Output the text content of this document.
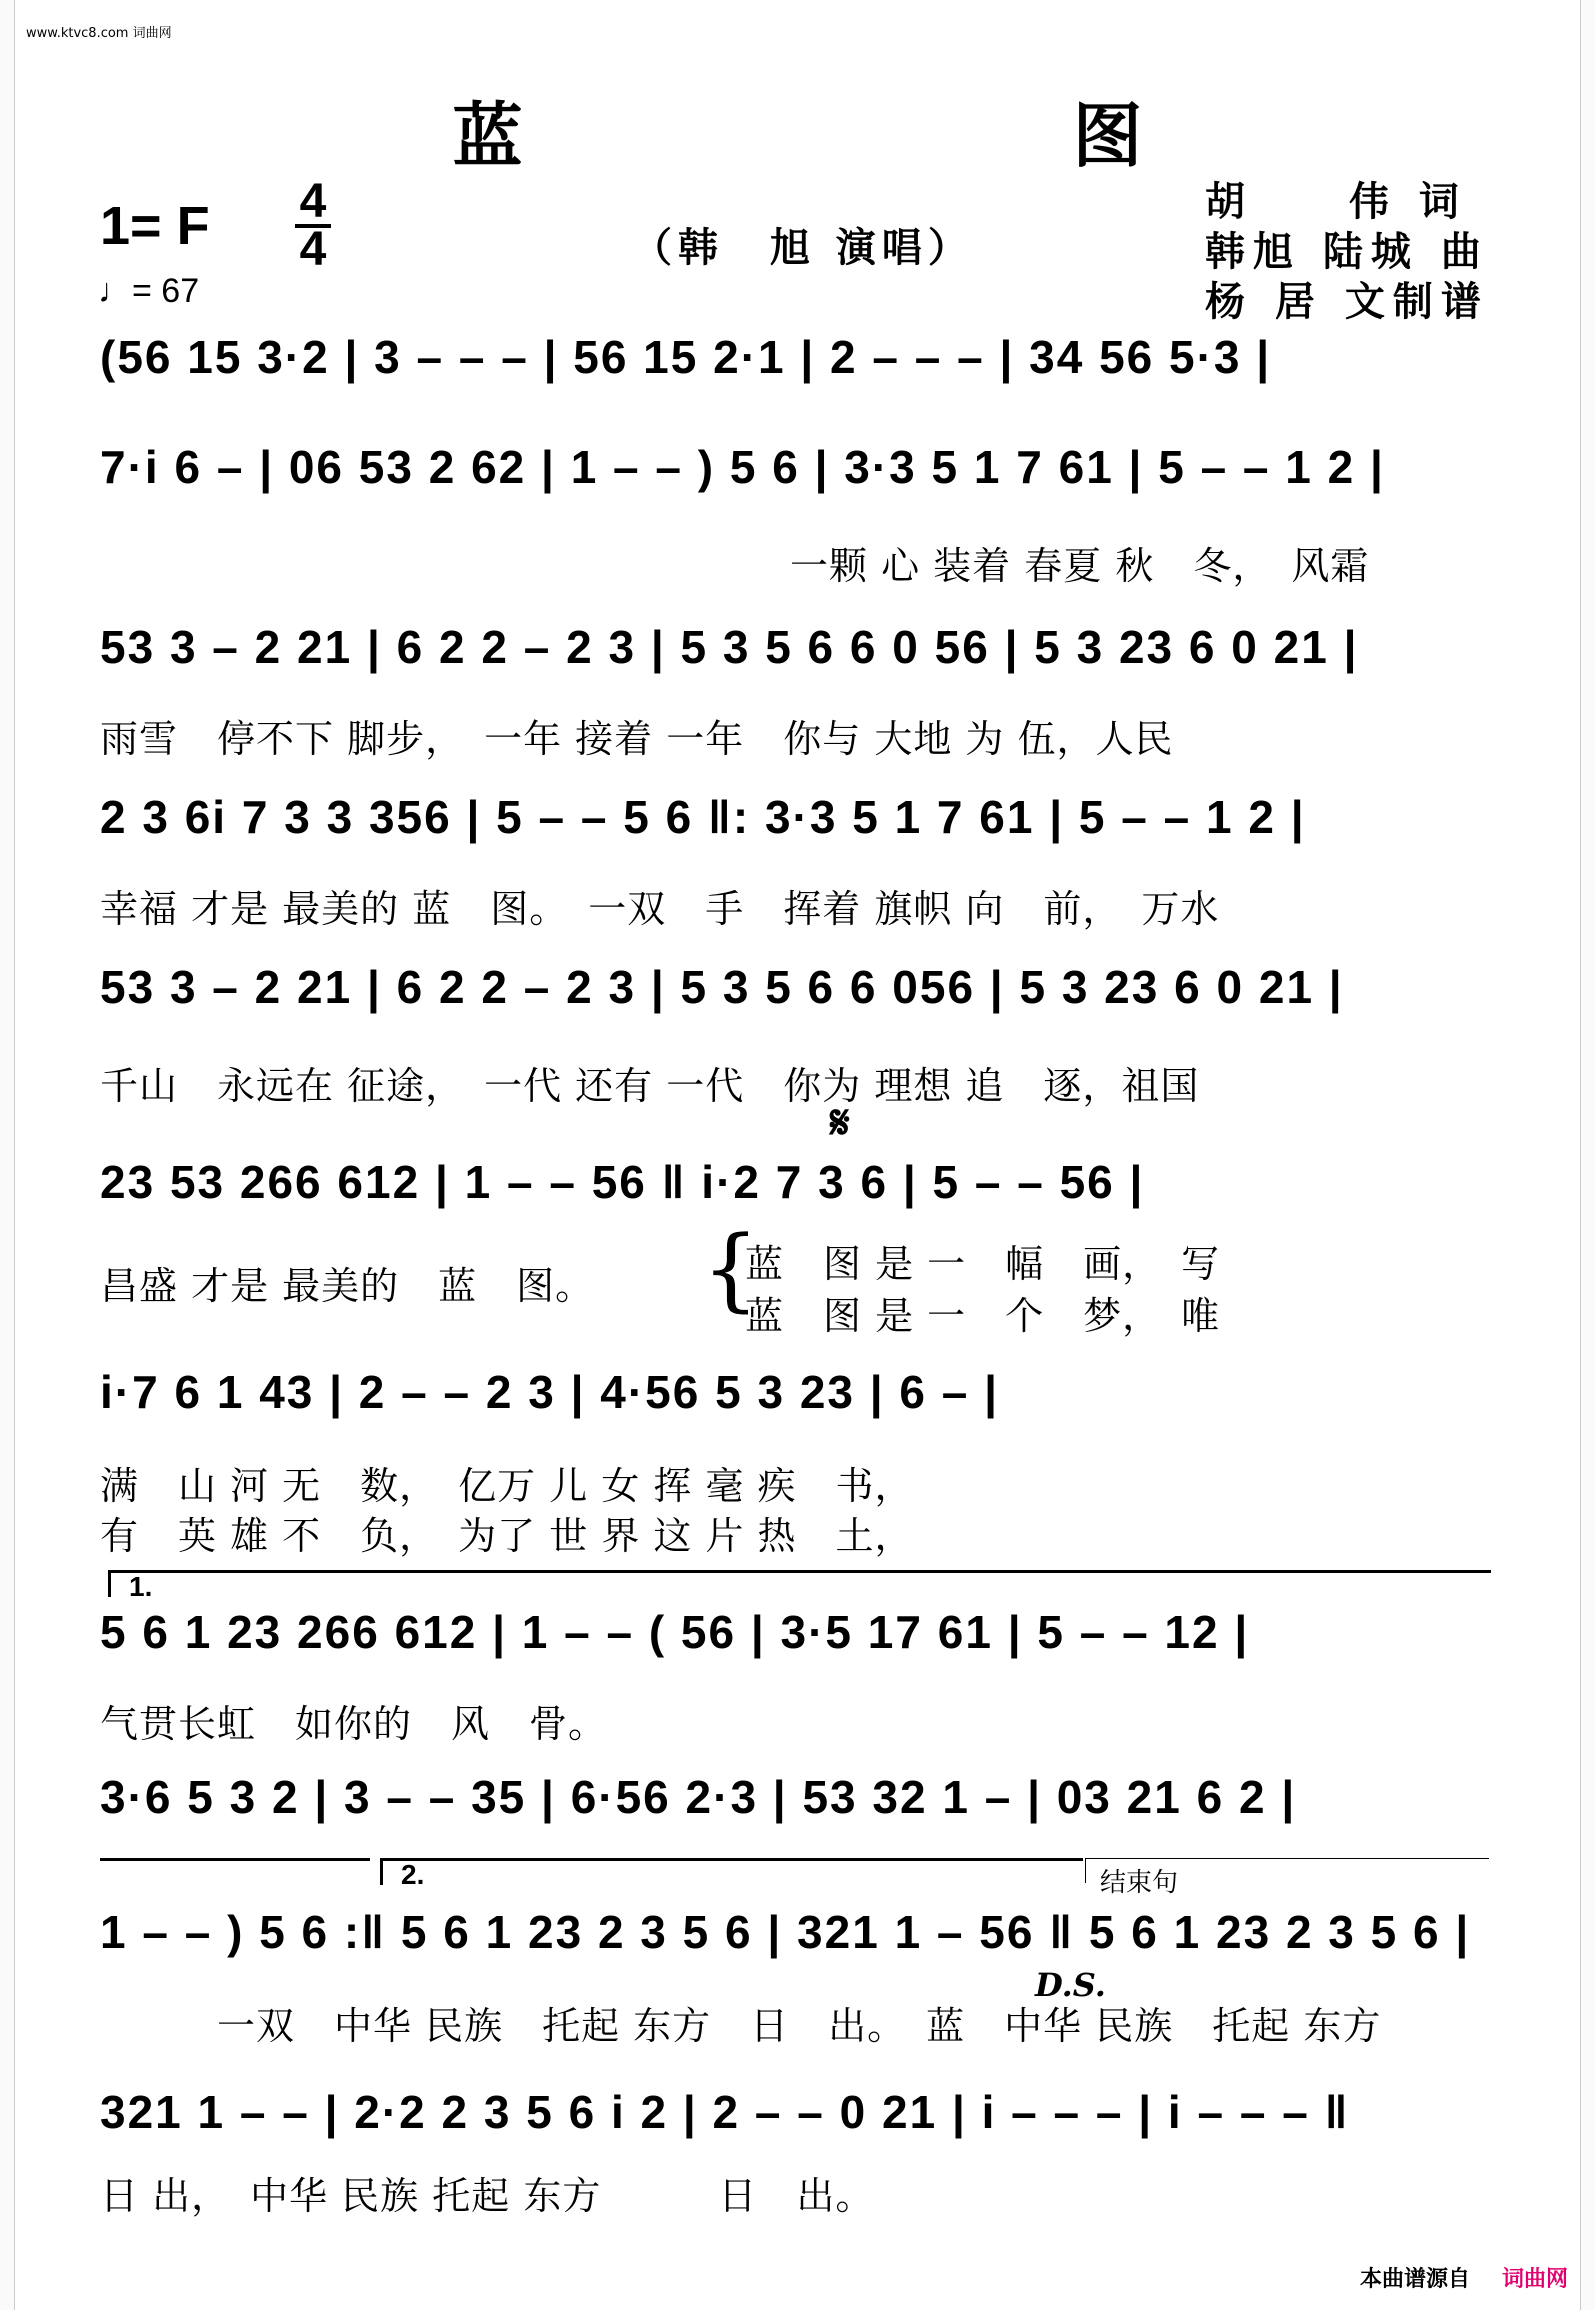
www.ktvc8.com 词曲网
蓝　图
1= F 4
4
♩= 67
（韩　旭 演唱）
胡　　伟 词
韩旭 陆城 曲
杨 居 文制谱
(56 15 3·2 | 3 – – – | 56 15 2·1 | 2 – – – | 34 56 5·3 |
7·i 6 – | 06 53 2 62 | 1 – – ) 5 6 | 3·3 5 1 7 61 | 5 – – 1 2 |
一颗 心 装着 春夏 秋　冬，　风霜
53 3 – 2 21 | 6 2 2 – 2 3 | 5 3 5 6 6 0 56 | 5 3 23 6 0 21 |
雨雪　停不下 脚步，　一年 接着 一年　你与 大地 为 伍，人民
2 3 6i 7 3 3 356 | 5 – – 5 6 ‖: 3·3 5 1 7 61 | 5 – – 1 2 |
幸福 才是 最美的 蓝　图。　一双　手　挥着 旗帜 向　前，　万水
53 3 – 2 21 | 6 2 2 – 2 3 | 5 3 5 6 6 056 | 5 3 23 6 0 21 |
千山　永远在 征途，　一代 还有 一代　你为 理想 追　逐，祖国
𝄋
23 53 266 612 | 1 – – 56 ‖ i·2 7 3 6 | 5 – – 56 |
昌盛 才是 最美的　蓝　图。 {
蓝　图 是 一　幅　画，　写
蓝　图 是 一　个　梦，　唯
i·7 6 1 43 | 2 – – 2 3 | 4·56 5 3 23 | 6 – |
满　山 河 无　数，　亿万 儿 女 挥 毫 疾　书，
有　英 雄 不　负，　为了 世 界 这 片 热　土，
1.
5 6 1 23 266 612 | 1 – – ( 56 | 3·5 17 61 | 5 – – 12 |
气贯长虹　如你的　风　骨。
3·6 5 3 2 | 3 – – 35 | 6·56 2·3 | 53 32 1 – | 03 21 6 2 |
2.	结束句
1 – – ) 5 6 :‖ 5 6 1 23 2 3 5 6 | 321 1 – 56 ‖ 5 6 1 23 2 3 5 6 |
D.S.
　　　一双　中华 民族　托起 东方　日　出。　蓝　中华 民族　托起 东方
321 1 – – | 2·2 2 3 5 6 i 2 | 2 – – 0 21 | i – – – | i – – – ‖
日 出，　中华 民族 托起 东方　　　日　出。
本曲谱源自 词曲网
